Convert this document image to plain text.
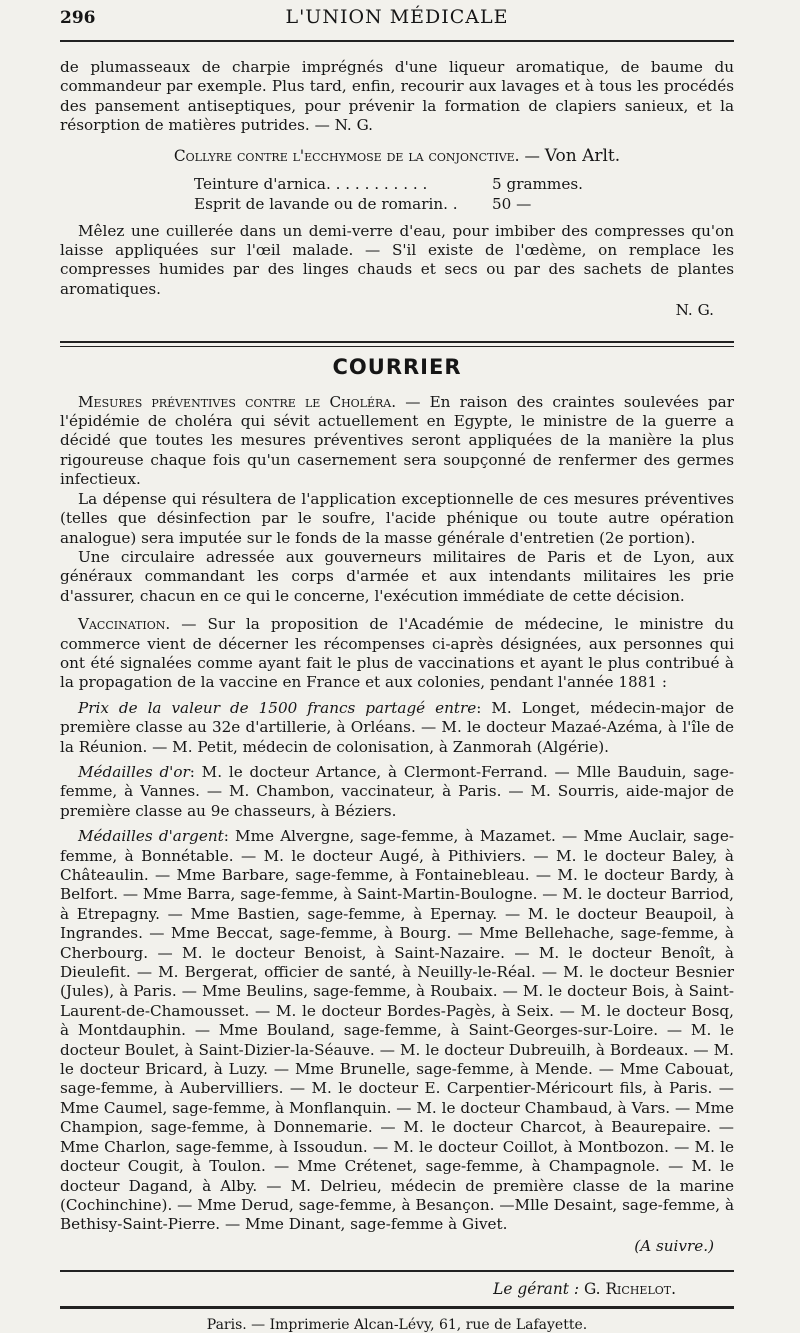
296	L'UNION MÉDICALE

de plumasseaux de charpie imprégnés d'une liqueur aromatique, de baume du commandeur par exemple. Plus tard, enfin, recourir aux lavages et à tous les procédés des pansement antiseptiques, pour prévenir la formation de clapiers sanieux, et la résorption de matières putrides. — N. G.

Collyre contre l'ecchymose de la conjonctive. — Von Arlt.
Teinture d'arnica. . . . . . . . . . .	5 grammes.
Esprit de lavande ou de romarin. .	50 —

Mêlez une cuillerée dans un demi-verre d'eau, pour imbiber des compresses qu'on laisse appliquées sur l'œil malade. — S'il existe de l'œdème, on remplace les compresses humides par des linges chauds et secs ou par des sachets de plantes aromatiques.

N. G.

COURRIER

Mesures préventives contre le Choléra. — En raison des craintes soulevées par l'épidémie de choléra qui sévit actuellement en Egypte, le ministre de la guerre a décidé que toutes les mesures préventives seront appliquées de la manière la plus rigoureuse chaque fois qu'un casernement sera soupçonné de renfermer des germes infectieux.

La dépense qui résultera de l'application exceptionnelle de ces mesures préventives (telles que désinfection par le soufre, l'acide phénique ou toute autre opération analogue) sera imputée sur le fonds de la masse générale d'entretien (2e portion).

Une circulaire adressée aux gouverneurs militaires de Paris et de Lyon, aux généraux commandant les corps d'armée et aux intendants militaires les prie d'assurer, chacun en ce qui le concerne, l'exécution immédiate de cette décision.

Vaccination. — Sur la proposition de l'Académie de médecine, le ministre du commerce vient de décerner les récompenses ci-après désignées, aux personnes qui ont été signalées comme ayant fait le plus de vaccinations et ayant le plus contribué à la propagation de la vaccine en France et aux colonies, pendant l'année 1881 :

Prix de la valeur de 1500 francs partagé entre: M. Longet, médecin-major de première classe au 32e d'artillerie, à Orléans. — M. le docteur Mazaé-Azéma, à l'île de la Réunion. — M. Petit, médecin de colonisation, à Zanmorah (Algérie).

Médailles d'or: M. le docteur Artance, à Clermont-Ferrand. — Mlle Bauduin, sage-femme, à Vannes. — M. Chambon, vaccinateur, à Paris. — M. Sourris, aide-major de première classe au 9e chasseurs, à Béziers.

Médailles d'argent: Mme Alvergne, sage-femme, à Mazamet. — Mme Auclair, sage-femme, à Bonnétable. — M. le docteur Augé, à Pithiviers. — M. le docteur Baley, à Châteaulin. — Mme Barbare, sage-femme, à Fontainebleau. — M. le docteur Bardy, à Belfort. — Mme Barra, sage-femme, à Saint-Martin-Boulogne. — M. le docteur Barriod, à Etrepagny. — Mme Bastien, sage-femme, à Epernay. — M. le docteur Beaupoil, à Ingrandes. — Mme Beccat, sage-femme, à Bourg. — Mme Bellehache, sage-femme, à Cherbourg. — M. le docteur Benoist, à Saint-Nazaire. — M. le docteur Benoît, à Dieulefit. — M. Bergerat, officier de santé, à Neuilly-le-Réal. — M. le docteur Besnier (Jules), à Paris. — Mme Beulins, sage-femme, à Roubaix. — M. le docteur Bois, à Saint-Laurent-de-Chamousset. — M. le docteur Bordes-Pagès, à Seix. — M. le docteur Bosq, à Montdauphin. — Mme Bouland, sage-femme, à Saint-Georges-sur-Loire. — M. le docteur Boulet, à Saint-Dizier-la-Séauve. — M. le docteur Dubreuilh, à Bordeaux. — M. le docteur Bricard, à Luzy. — Mme Brunelle, sage-femme, à Mende. — Mme Cabouat, sage-femme, à Aubervilliers. — M. le docteur E. Carpentier-Méricourt fils, à Paris. — Mme Caumel, sage-femme, à Monflanquin. — M. le docteur Chambaud, à Vars. — Mme Champion, sage-femme, à Donnemarie. — M. le docteur Charcot, à Beaurepaire. — Mme Charlon, sage-femme, à Issoudun. — M. le docteur Coillot, à Montbozon. — M. le docteur Cougit, à Toulon. — Mme Crétenet, sage-femme, à Champagnole. — M. le docteur Dagand, à Alby. — M. Delrieu, médecin de première classe de la marine (Cochinchine). — Mme Derud, sage-femme, à Besançon. —Mlle Desaint, sage-femme, à Bethisy-Saint-Pierre. — Mme Dinant, sage-femme à Givet.

(A suivre.)

Le gérant : G. Richelot.
Paris. — Imprimerie Alcan-Lévy, 61, rue de Lafayette.
